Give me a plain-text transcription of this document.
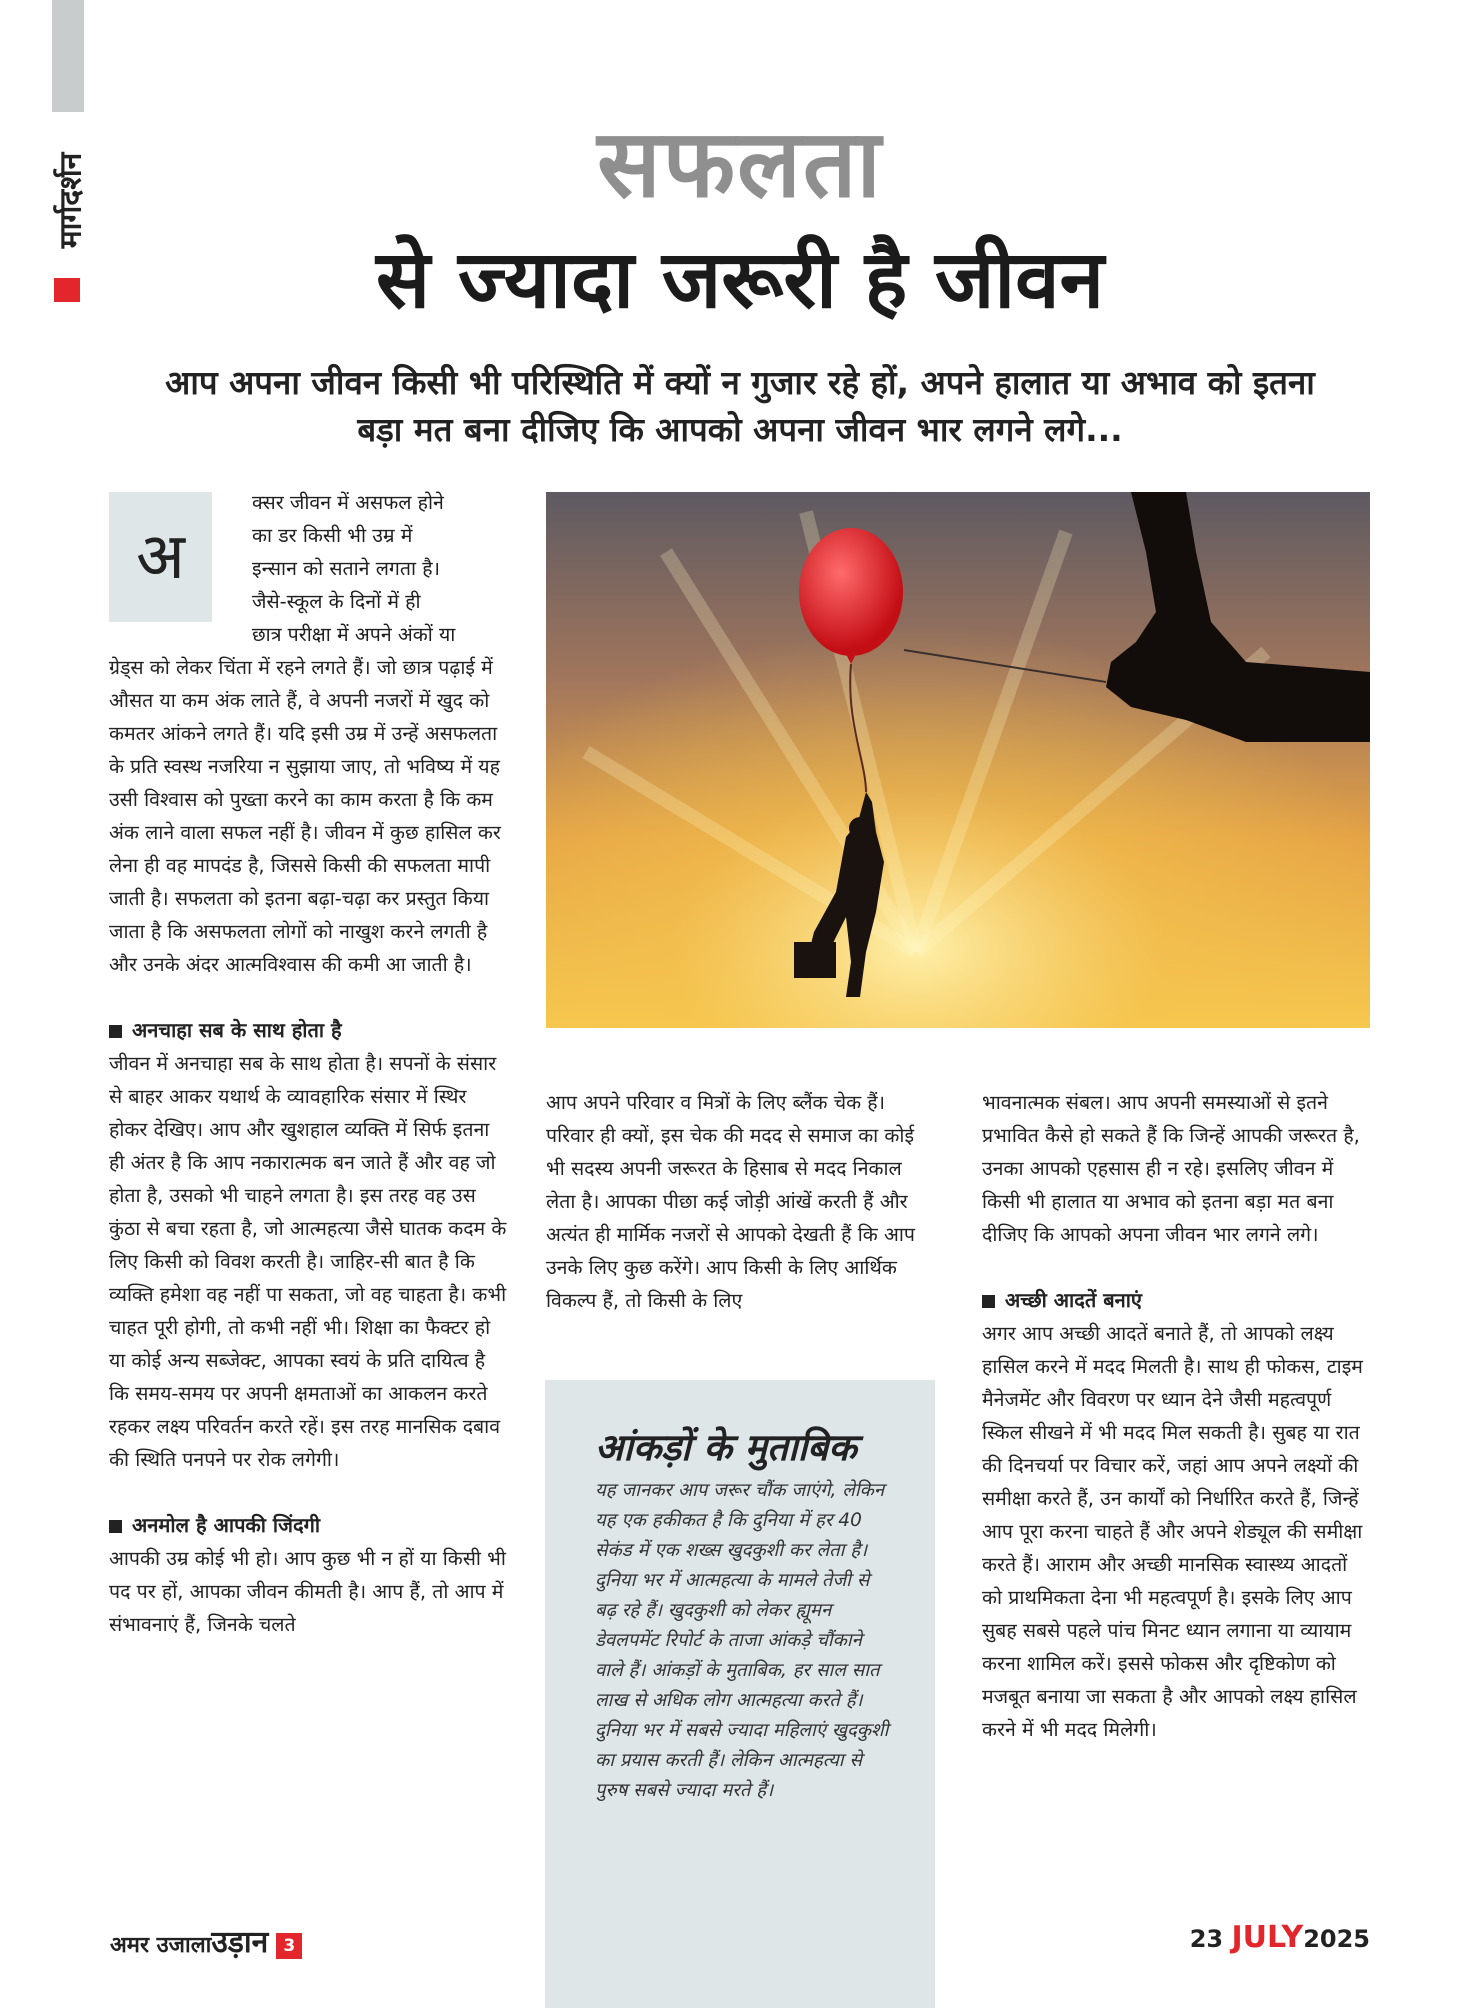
मार्गदर्शन	सफलता
से ज्यादा जरूरी है जीवन
आप अपना जीवन किसी भी परिस्थिति में क्यों न गुजार रहे हों, अपने हालात या अभाव को इतना बड़ा मत बना दीजिए कि आपको अपना जीवन भार लगने लगे...
अ
क्सर जीवन में असफल होने
का डर किसी भी उम्र में
इन्सान को सताने लगता है।
जैसे-स्कूल के दिनों में ही
छात्र परीक्षा में अपने अंकों या

ग्रेड्स को लेकर चिंता में रहने लगते हैं। जो छात्र पढ़ाई में औसत या कम अंक लाते हैं, वे अपनी नजरों में खुद को कमतर आंकने लगते हैं। यदि इसी उम्र में उन्हें असफलता के प्रति स्वस्थ नजरिया न सुझाया जाए, तो भविष्य में यह उसी विश्वास को पुख्ता करने का काम करता है कि कम अंक लाने वाला सफल नहीं है। जीवन में कुछ हासिल कर लेना ही वह मापदंड है, जिससे किसी की सफलता मापी जाती है। सफलता को इतना बढ़ा-चढ़ा कर प्रस्तुत किया जाता है कि असफलता लोगों को नाखुश करने लगती है और उनके अंदर आत्मविश्वास की कमी आ जाती है।

अनचाहा सब के साथ होता है

जीवन में अनचाहा सब के साथ होता है। सपनों के संसार से बाहर आकर यथार्थ के व्यावहारिक संसार में स्थिर होकर देखिए। आप और खुशहाल व्यक्ति में सिर्फ इतना ही अंतर है कि आप नकारात्मक बन जाते हैं और वह जो होता है, उसको भी चाहने लगता है। इस तरह वह उस कुंठा से बचा रहता है, जो आत्महत्या जैसे घातक कदम के लिए किसी को विवश करती है। जाहिर-सी बात है कि व्यक्ति हमेशा वह नहीं पा सकता, जो वह चाहता है। कभी चाहत पूरी होगी, तो कभी नहीं भी। शिक्षा का फैक्टर हो या कोई अन्य सब्जेक्ट, आपका स्वयं के प्रति दायित्व है कि समय-समय पर अपनी क्षमताओं का आकलन करते रहकर लक्ष्य परिवर्तन करते रहें। इस तरह मानसिक दबाव की स्थिति पनपने पर रोक लगेगी।

अनमोल है आपकी जिंदगी

आपकी उम्र कोई भी हो। आप कुछ भी न हों या किसी भी पद पर हों, आपका जीवन कीमती है। आप हैं, तो आप में संभावनाएं हैं, जिनके चलते

आप अपने परिवार व मित्रों के लिए ब्लैंक चेक हैं। परिवार ही क्यों, इस चेक की मदद से समाज का कोई भी सदस्य अपनी जरूरत के हिसाब से मदद निकाल लेता है। आपका पीछा कई जोड़ी आंखें करती हैं और अत्यंत ही मार्मिक नजरों से आपको देखती हैं कि आप उनके लिए कुछ करेंगे। आप किसी के लिए आर्थिक विकल्प हैं, तो किसी के लिए

आंकड़ों के मुताबिक
यह जानकर आप जरूर चौंक जाएंगे, लेकिन यह एक हकीकत है कि दुनिया में हर 40 सेकंड में एक शख्स खुदकुशी कर लेता है। दुनिया भर में आत्महत्या के मामले तेजी से बढ़ रहे हैं। खुदकुशी को लेकर ह्यूमन डेवलपमेंट रिपोर्ट के ताजा आंकड़े चौंकाने वाले हैं। आंकड़ों के मुताबिक, हर साल सात लाख से अधिक लोग आत्महत्या करते हैं। दुनिया भर में सबसे ज्यादा महिलाएं खुदकुशी का प्रयास करती हैं। लेकिन आत्महत्या से पुरुष सबसे ज्यादा मरते हैं।

भावनात्मक संबल। आप अपनी समस्याओं से इतने प्रभावित कैसे हो सकते हैं कि जिन्हें आपकी जरूरत है, उनका आपको एहसास ही न रहे। इसलिए जीवन में किसी भी हालात या अभाव को इतना बड़ा मत बना दीजिए कि आपको अपना जीवन भार लगने लगे।

अच्छी आदतें बनाएं

अगर आप अच्छी आदतें बनाते हैं, तो आपको लक्ष्य हासिल करने में मदद मिलती है। साथ ही फोकस, टाइम मैनेजमेंट और विवरण पर ध्यान देने जैसी महत्वपूर्ण स्किल सीखने में भी मदद मिल सकती है। सुबह या रात की दिनचर्या पर विचार करें, जहां आप अपने लक्ष्यों की समीक्षा करते हैं, उन कार्यों को निर्धारित करते हैं, जिन्हें आप पूरा करना चाहते हैं और अपने शेड्यूल की समीक्षा करते हैं। आराम और अच्छी मानसिक स्वास्थ्य आदतों को प्राथमिकता देना भी महत्वपूर्ण है। इसके लिए आप सुबह सबसे पहले पांच मिनट ध्यान लगाना या व्यायाम करना शामिल करें। इससे फोकस और दृष्टिकोण को मजबूत बनाया जा सकता है और आपको लक्ष्य हासिल करने में भी मदद मिलेगी।

अमर उजालाउड़ान 3	23 JULY2025
